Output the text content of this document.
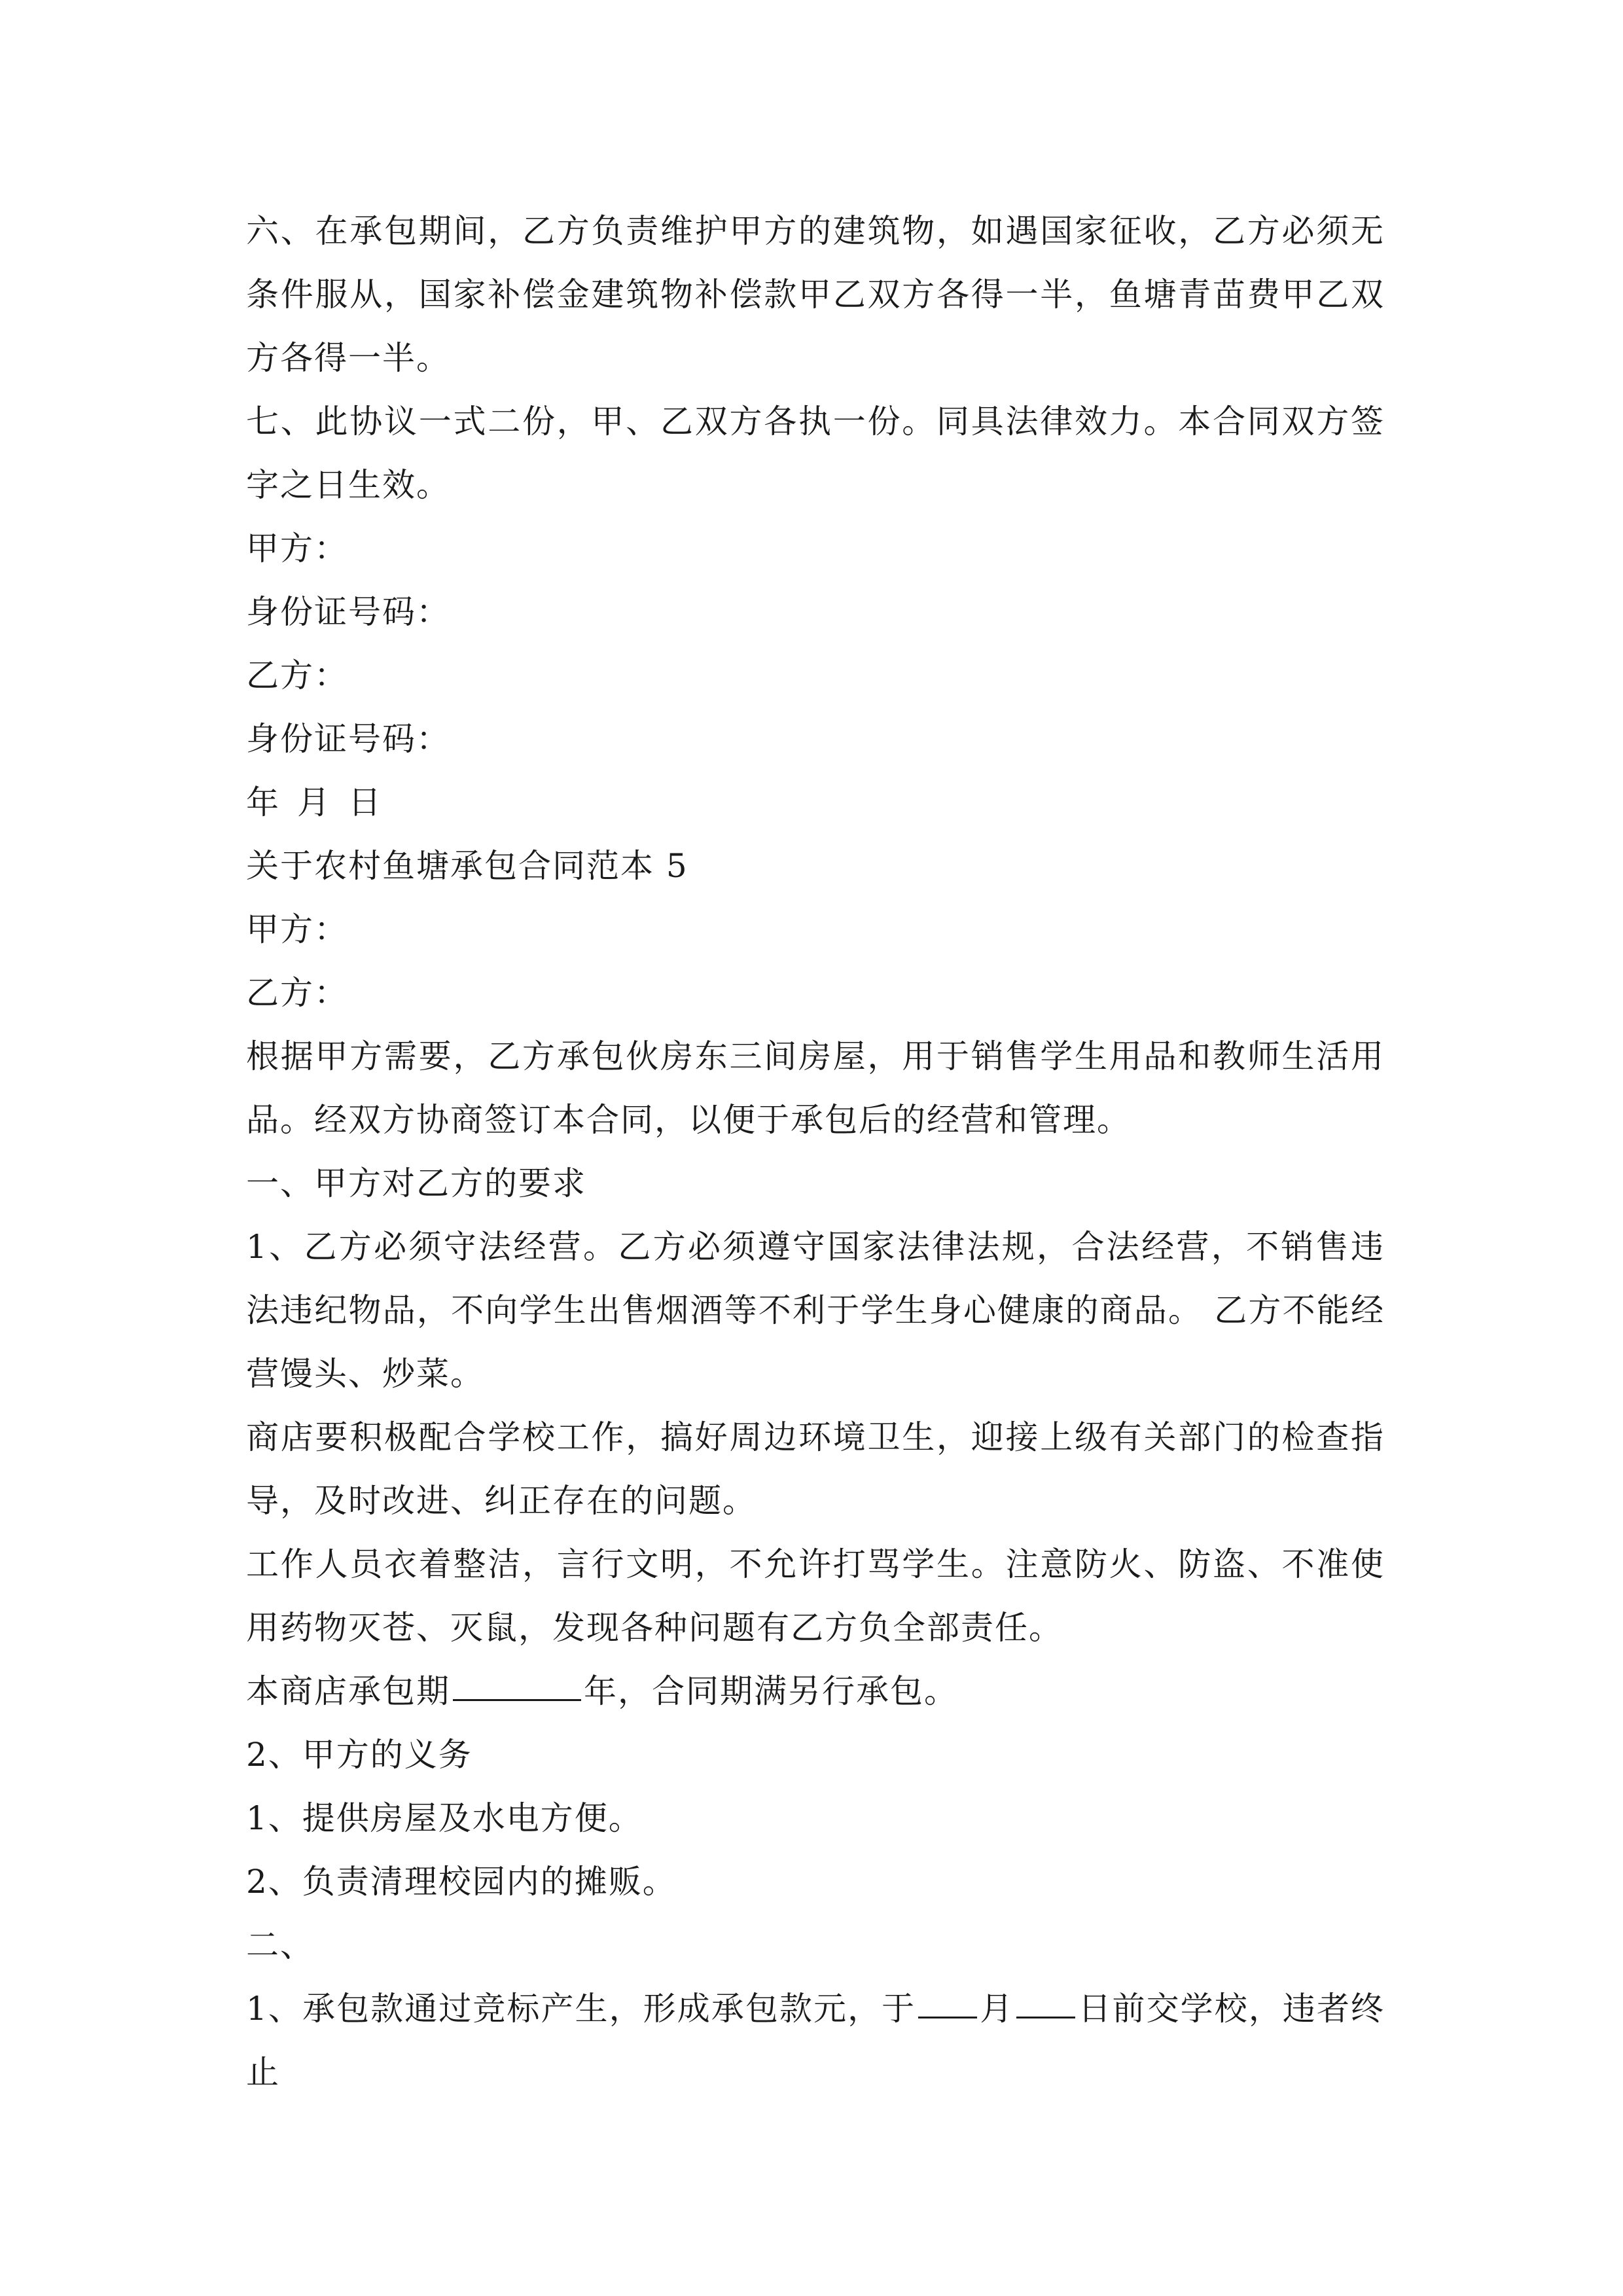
六、在承包期间，乙方负责维护甲方的建筑物，如遇国家征收，乙方必须无条件服从，国家补偿金建筑物补偿款甲乙双方各得一半，鱼塘青苗费甲乙双方各得一半。

七、此协议一式二份，甲、乙双方各执一份。同具法律效力。本合同双方签字之日生效。

甲方：

身份证号码：

乙方：

身份证号码：

年 月 日

关于农村鱼塘承包合同范本 5

甲方：

乙方：

根据甲方需要，乙方承包伙房东三间房屋，用于销售学生用品和教师生活用品。经双方协商签订本合同，以便于承包后的经营和管理。

一、甲方对乙方的要求

1、乙方必须守法经营。乙方必须遵守国家法律法规，合法经营，不销售违法违纪物品，不向学生出售烟酒等不利于学生身心健康的商品。 乙方不能经营馒头、炒菜。

商店要积极配合学校工作，搞好周边环境卫生，迎接上级有关部门的检查指导，及时改进、纠正存在的问题。

工作人员衣着整洁，言行文明，不允许打骂学生。注意防火、防盗、不准使用药物灭苍、灭鼠，发现各种问题有乙方负全部责任。

本商店承包期	年，合同期满另行承包。

2、甲方的义务

1、提供房屋及水电方便。

2、负责清理校园内的摊贩。

二、

1、承包款通过竞标产生，形成承包款元，于 月 日前交学校，违者终止
